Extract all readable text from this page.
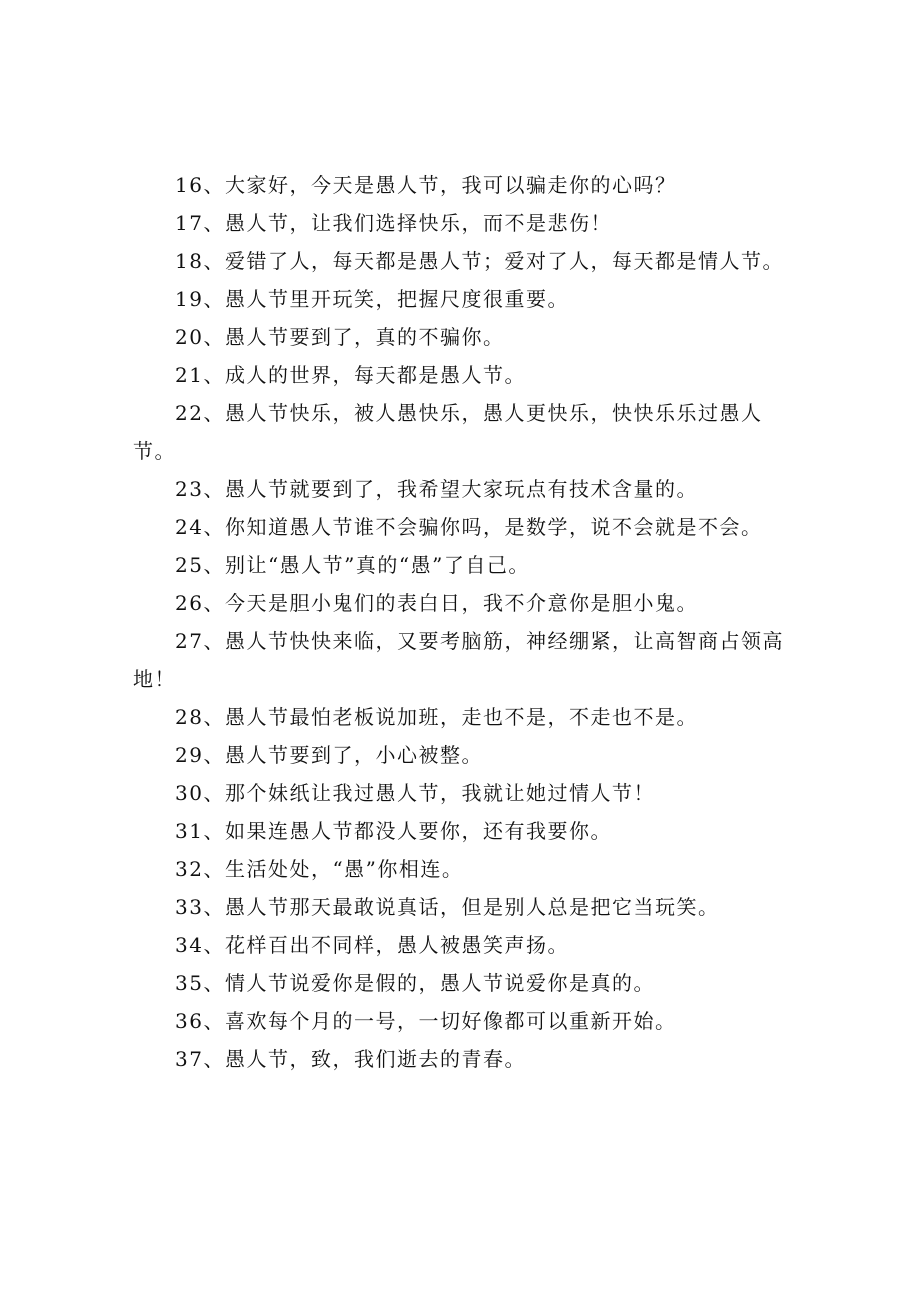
16、大家好，今天是愚人节，我可以骗走你的心吗？

17、愚人节，让我们选择快乐，而不是悲伤！

18、爱错了人，每天都是愚人节；爱对了人，每天都是情人节。

19、愚人节里开玩笑，把握尺度很重要。

20、愚人节要到了，真的不骗你。

21、成人的世界，每天都是愚人节。

22、愚人节快乐，被人愚快乐，愚人更快乐，快快乐乐过愚人节。

23、愚人节就要到了，我希望大家玩点有技术含量的。

24、你知道愚人节谁不会骗你吗，是数学，说不会就是不会。

25、别让“愚人节”真的“愚”了自己。

26、今天是胆小鬼们的表白日，我不介意你是胆小鬼。

27、愚人节快快来临，又要考脑筋，神经绷紧，让高智商占领高地！

28、愚人节最怕老板说加班，走也不是，不走也不是。

29、愚人节要到了，小心被整。

30、那个妹纸让我过愚人节，我就让她过情人节！

31、如果连愚人节都没人要你，还有我要你。

32、生活处处，“愚”你相连。

33、愚人节那天最敢说真话，但是别人总是把它当玩笑。

34、花样百出不同样，愚人被愚笑声扬。

35、情人节说爱你是假的，愚人节说爱你是真的。

36、喜欢每个月的一号，一切好像都可以重新开始。

37、愚人节，致，我们逝去的青春。
